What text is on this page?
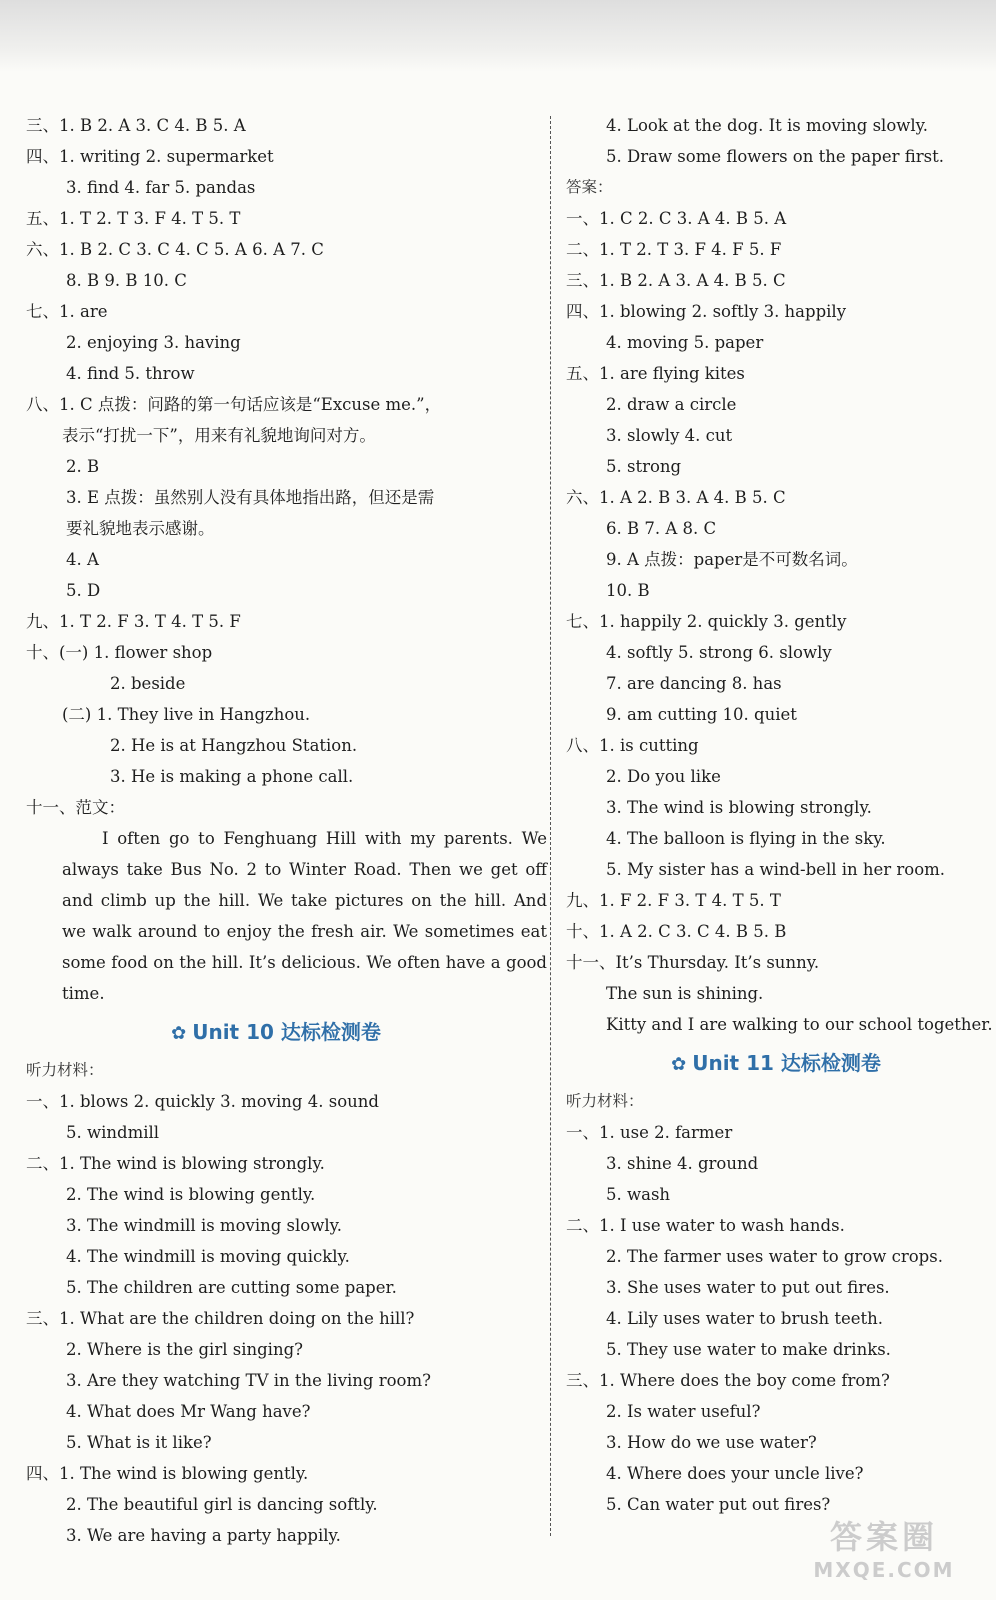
三、1. B 2. A 3. C 4. B 5. A
四、1. writing 2. supermarket
3. find 4. far 5. pandas
五、1. T 2. T 3. F 4. T 5. T
六、1. B 2. C 3. C 4. C 5. A 6. A 7. C
8. B 9. B 10. C
七、1. are
2. enjoying 3. having
4. find 5. throw
八、1. C 点拨：问路的第一句话应该是“Excuse me.”，
表示“打扰一下”，用来有礼貌地询问对方。
2. B
3. E 点拨：虽然别人没有具体地指出路，但还是需
要礼貌地表示感谢。
4. A
5. D
九、1. T 2. F 3. T 4. T 5. F
十、(一) 1. flower shop
2. beside
(二) 1. They live in Hangzhou.
2. He is at Hangzhou Station.
3. He is making a phone call.
十一、范文：
I often go to Fenghuang Hill with my parents. We always take Bus No. 2 to Winter Road. Then we get off and climb up the hill. We take pictures on the hill. And we walk around to enjoy the fresh air. We sometimes eat some food on the hill. It’s delicious. We often have a good time.
✿ Unit 10 达标检测卷
听力材料：
一、1. blows 2. quickly 3. moving 4. sound
5. windmill
二、1. The wind is blowing strongly.
2. The wind is blowing gently.
3. The windmill is moving slowly.
4. The windmill is moving quickly.
5. The children are cutting some paper.
三、1. What are the children doing on the hill?
2. Where is the girl singing?
3. Are they watching TV in the living room?
4. What does Mr Wang have?
5. What is it like?
四、1. The wind is blowing gently.
2. The beautiful girl is dancing softly.
3. We are having a party happily.
4. Look at the dog. It is moving slowly.
5. Draw some flowers on the paper first.
答案：
一、1. C 2. C 3. A 4. B 5. A
二、1. T 2. T 3. F 4. F 5. F
三、1. B 2. A 3. A 4. B 5. C
四、1. blowing 2. softly 3. happily
4. moving 5. paper
五、1. are flying kites
2. draw a circle
3. slowly 4. cut
5. strong
六、1. A 2. B 3. A 4. B 5. C
6. B 7. A 8. C
9. A 点拨：paper是不可数名词。
10. B
七、1. happily 2. quickly 3. gently
4. softly 5. strong 6. slowly
7. are dancing 8. has
9. am cutting 10. quiet
八、1. is cutting
2. Do you like
3. The wind is blowing strongly.
4. The balloon is flying in the sky.
5. My sister has a wind-bell in her room.
九、1. F 2. F 3. T 4. T 5. T
十、1. A 2. C 3. C 4. B 5. B
十一、It’s Thursday. It’s sunny.
The sun is shining.
Kitty and I are walking to our school together.
✿ Unit 11 达标检测卷
听力材料：
一、1. use 2. farmer
3. shine 4. ground
5. wash
二、1. I use water to wash hands.
2. The farmer uses water to grow crops.
3. She uses water to put out fires.
4. Lily uses water to brush teeth.
5. They use water to make drinks.
三、1. Where does the boy come from?
2. Is water useful?
3. How do we use water?
4. Where does your uncle live?
5. Can water put out fires?
答案圈
MXQE.COM
